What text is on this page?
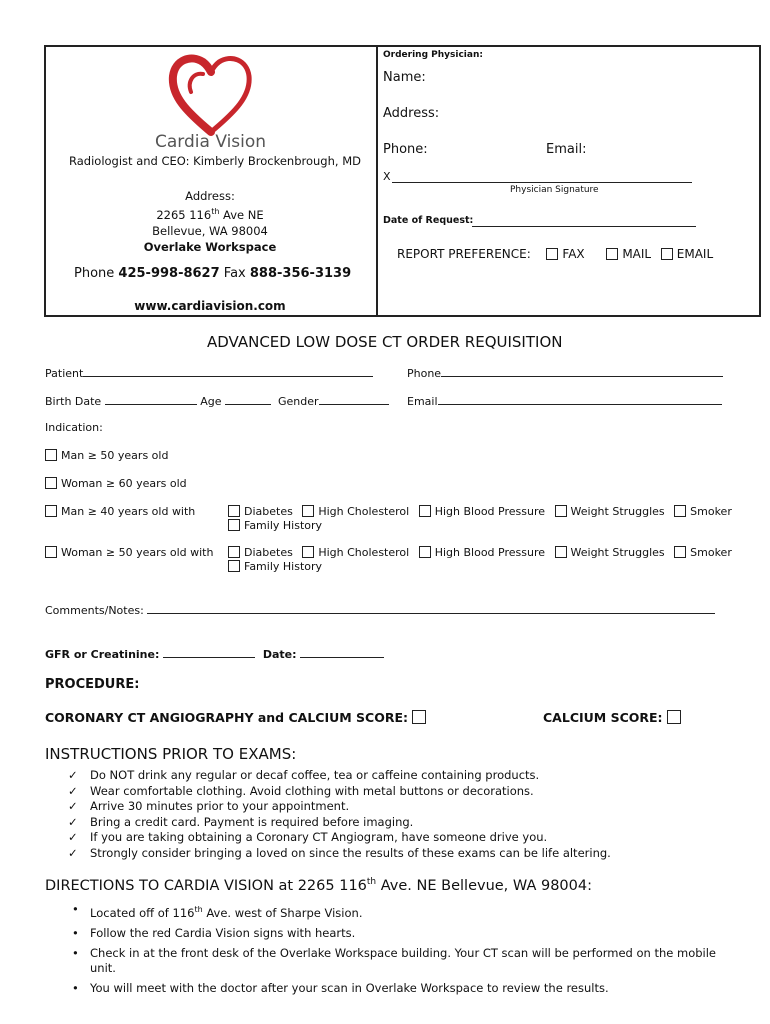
Cardia Vision
Radiologist and CEO: Kimberly Brockenbrough, MD
Address:
2265 116th Ave NE
Bellevue, WA 98004
Overlake Workspace
Phone 425-998-8627 Fax 888-356-3139
www.cardiavision.com
Ordering Physician:
Name:
Address:
Phone:	Email:
X
Physician Signature
Date of Request:
REPORT PREFERENCE:	FAX	MAIL EMAIL
ADVANCED LOW DOSE CT ORDER REQUISITION
Patient	Phone
Birth Date	Age	Gender	Email
Indication:
Man ≥ 50 years old
Woman ≥ 60 years old
Man ≥ 40 years old with	Diabetes High Cholesterol High Blood Pressure Weight Struggles Smoker
Family History
Woman ≥ 50 years old with	Diabetes High Cholesterol High Blood Pressure Weight Struggles Smoker
Family History
Comments/Notes:
GFR or Creatinine:	Date:
PROCEDURE:
CORONARY CT ANGIOGRAPHY and CALCIUM SCORE:	CALCIUM SCORE:
INSTRUCTIONS PRIOR TO EXAMS:
✓ Do NOT drink any regular or decaf coffee, tea or caffeine containing products.
✓ Wear comfortable clothing. Avoid clothing with metal buttons or decorations.
✓ Arrive 30 minutes prior to your appointment.
✓ Bring a credit card. Payment is required before imaging.
✓ If you are taking obtaining a Coronary CT Angiogram, have someone drive you.
✓ Strongly consider bringing a loved on since the results of these exams can be life altering.
DIRECTIONS TO CARDIA VISION at 2265 116th Ave. NE Bellevue, WA 98004:
• Located off of 116th Ave. west of Sharpe Vision.
• Follow the red Cardia Vision signs with hearts.
• Check in at the front desk of the Overlake Workspace building. Your CT scan will be performed on the mobile unit.
• You will meet with the doctor after your scan in Overlake Workspace to review the results.
